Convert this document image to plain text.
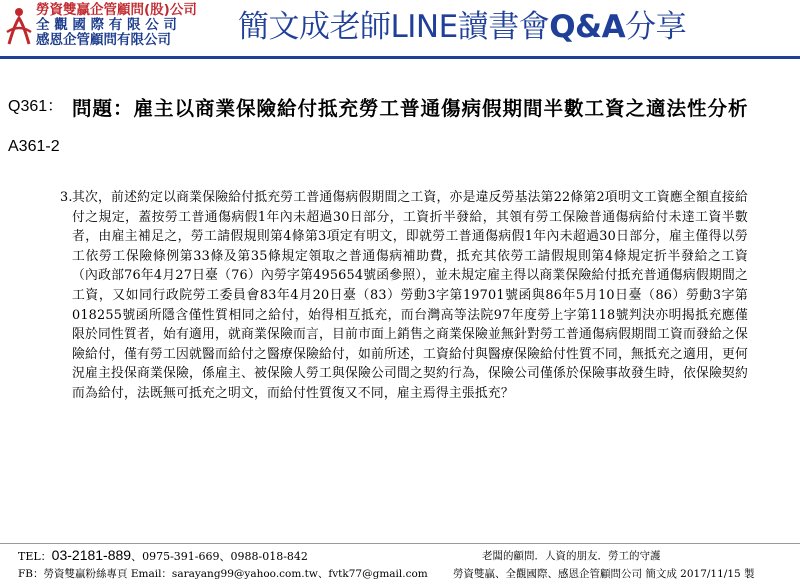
勞資雙贏企管顧問(股)公司
全 觀 國 際 有 限 公 司
感恩企管顧問有限公司	簡文成老師LINE讀書會Q&A分享
Q361：
A361-2
問題：雇主以商業保險給付抵充勞工普通傷病假期間半數工資之適法性分析
3. 其次，前述約定以商業保險給付抵充勞工普通傷病假期間之工資，亦是違反勞基法第22條第2項明文工資應全額直接給付之規定，蓋按勞工普通傷病假1年內未超過30日部分，工資折半發給，其領有勞工保險普通傷病給付未達工資半數者，由雇主補足之，勞工請假規則第4條第3項定有明文，即就勞工普通傷病假1年內未超過30日部分，雇主僅得以勞工依勞工保險條例第33條及第35條規定領取之普通傷病補助費，抵充其依勞工請假規則第4條規定折半發給之工資（內政部76年4月27日臺（76）內勞字第495654號函參照），並未規定雇主得以商業保險給付抵充普通傷病假期間之工資，又如同行政院勞工委員會83年4月20日臺（83）勞動3字第19701號函與86年5月10日臺（86）勞動3字第018255號函所隱含僅性質相同之給付，始得相互抵充，而台灣高等法院97年度勞上字第118號判決亦明揭抵充應僅限於同性質者，始有適用，就商業保險而言，目前市面上銷售之商業保險並無針對勞工普通傷病假期間工資而發給之保險給付，僅有勞工因就醫而給付之醫療保險給付，如前所述，工資給付與醫療保險給付性質不同，無抵充之適用，更何況雇主投保商業保險，係雇主、被保險人勞工與保險公司間之契約行為，保險公司僅係於保險事故發生時，依保險契約而為給付，法既無可抵充之明文，而給付性質復又不同，雇主焉得主張抵充？
TEL：03-2181-889、0975-391-669、0988-018-842
FB：勞資雙贏粉絲專頁 Email：sarayang99@yahoo.com.tw、fvtk77@gmail.com
老闆的顧問．人資的朋友．勞工的守護
勞資雙贏、全觀國際、感恩企管顧問公司 簡文成 2017/11/15 製
